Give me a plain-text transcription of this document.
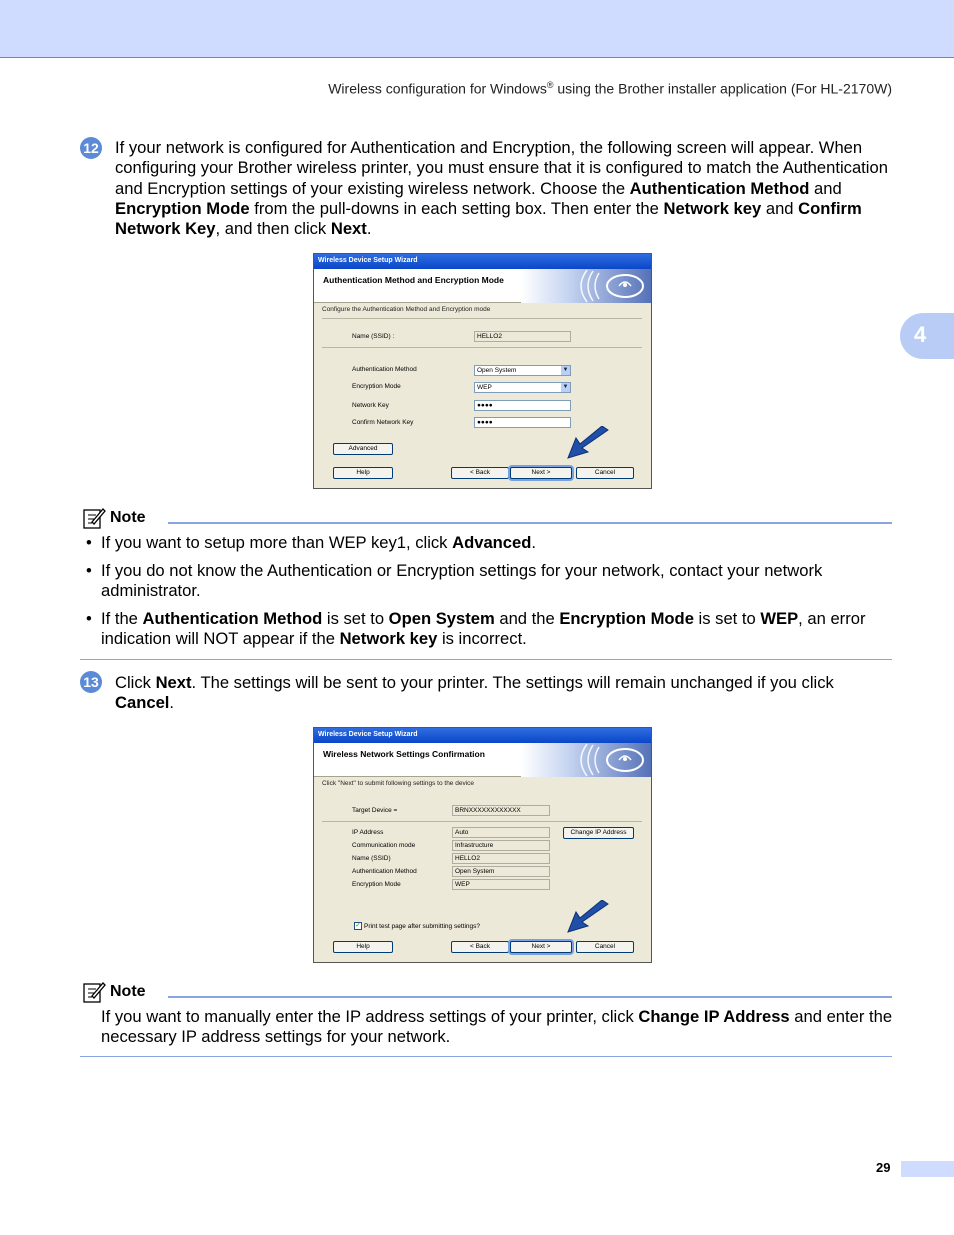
Wireless configuration for Windows® using the Brother installer application (For HL-2170W)
4
12 If your network is configured for Authentication and Encryption, the following screen will appear. When configuring your Brother wireless printer, you must ensure that it is configured to match the Authentication and Encryption settings of your existing wireless network. Choose the Authentication Method and Encryption Mode from the pull-downs in each setting box. Then enter the Network key and Confirm Network Key, and then click Next.
Wireless Device Setup Wizard
Authentication Method and Encryption Mode
Configure the Authentication Method and Encryption mode
Name (SSID) :	HELLO2
Authentication Method	Open System	▼
Encryption Mode	WEP	▼
Network Key	●●●●
Confirm Network Key	●●●●
Advanced
Help	< Back	Next >	Cancel
Note
• If you want to setup more than WEP key1, click Advanced.
• If you do not know the Authentication or Encryption settings for your network, contact your network administrator.
• If the Authentication Method is set to Open System and the Encryption Mode is set to WEP, an error indication will NOT appear if the Network key is incorrect.
13 Click Next. The settings will be sent to your printer. The settings will remain unchanged if you click Cancel.
Wireless Device Setup Wizard
Wireless Network Settings Confirmation
Click "Next" to submit following settings to the device
Target Device =	BRNXXXXXXXXXXXX
IP Address	Auto
Communication mode	Infrastructure
Name (SSID)	HELLO2
Authentication Method	Open System
Encryption Mode	WEP
Change IP Address
✓ Print test page after submitting settings?
Help	< Back	Next >	Cancel
Note
If you want to manually enter the IP address settings of your printer, click Change IP Address and enter the necessary IP address settings for your network.
29
